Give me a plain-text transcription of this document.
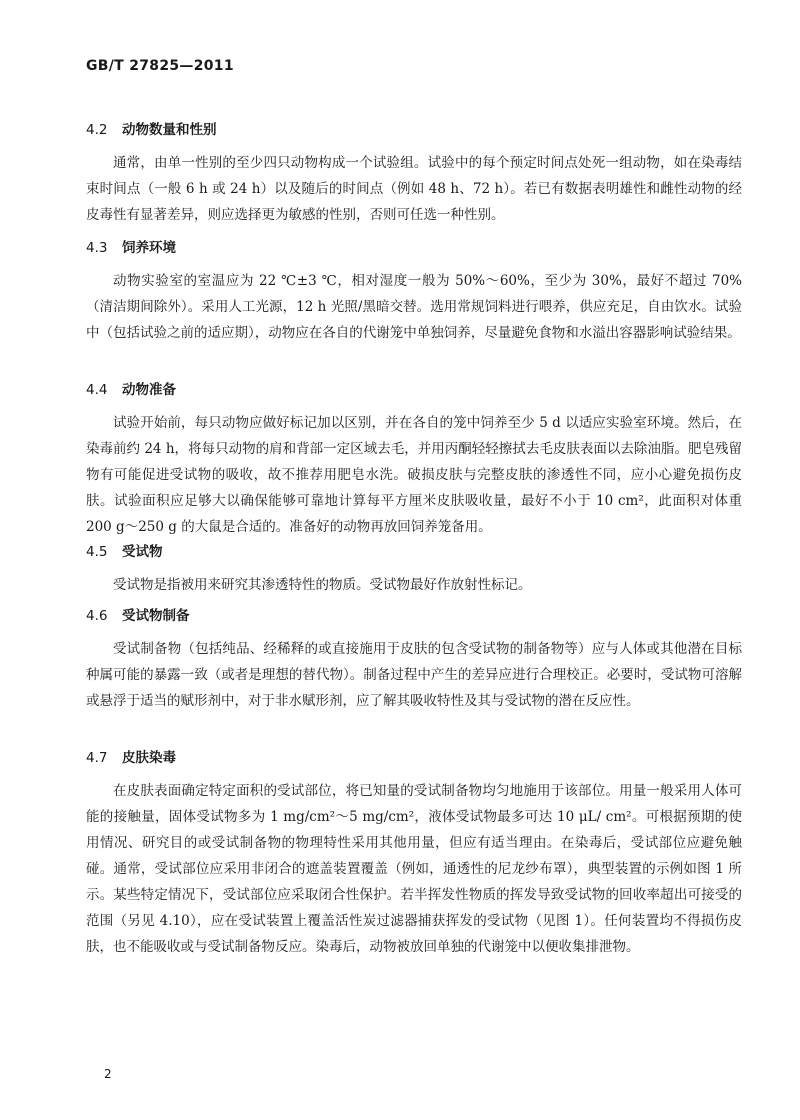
GB/T 27825—2011
4.2 动物数量和性别

通常，由单一性别的至少四只动物构成一个试验组。试验中的每个预定时间点处死一组动物，如在染毒结束时间点（一般 6 h 或 24 h）以及随后的时间点（例如 48 h、72 h）。若已有数据表明雄性和雌性动物的经皮毒性有显著差异，则应选择更为敏感的性别，否则可任选一种性别。

4.3 饲养环境

动物实验室的室温应为 22 ℃±3 ℃，相对湿度一般为 50%～60%，至少为 30%，最好不超过 70%（清洁期间除外）。采用人工光源，12 h 光照/黑暗交替。选用常规饲料进行喂养，供应充足，自由饮水。试验中（包括试验之前的适应期），动物应在各自的代谢笼中单独饲养，尽量避免食物和水溢出容器影响试验结果。

4.4 动物准备

试验开始前，每只动物应做好标记加以区别，并在各自的笼中饲养至少 5 d 以适应实验室环境。然后，在染毒前约 24 h，将每只动物的肩和背部一定区域去毛，并用丙酮轻轻擦拭去毛皮肤表面以去除油脂。肥皂残留物有可能促进受试物的吸收，故不推荐用肥皂水洗。破损皮肤与完整皮肤的渗透性不同，应小心避免损伤皮肤。试验面积应足够大以确保能够可靠地计算每平方厘米皮肤吸收量，最好不小于 10 cm²，此面积对体重 200 g～250 g 的大鼠是合适的。准备好的动物再放回饲养笼备用。

4.5 受试物

受试物是指被用来研究其渗透特性的物质。受试物最好作放射性标记。

4.6 受试物制备

受试制备物（包括纯品、经稀释的或直接施用于皮肤的包含受试物的制备物等）应与人体或其他潜在目标种属可能的暴露一致（或者是理想的替代物）。制备过程中产生的差异应进行合理校正。必要时，受试物可溶解或悬浮于适当的赋形剂中，对于非水赋形剂，应了解其吸收特性及其与受试物的潜在反应性。

4.7 皮肤染毒

在皮肤表面确定特定面积的受试部位，将已知量的受试制备物均匀地施用于该部位。用量一般采用人体可能的接触量，固体受试物多为 1 mg/cm²～5 mg/cm²，液体受试物最多可达 10 μL/ cm²。可根据预期的使用情况、研究目的或受试制备物的物理特性采用其他用量，但应有适当理由。在染毒后，受试部位应避免触碰。通常，受试部位应采用非闭合的遮盖装置覆盖（例如，通透性的尼龙纱布罩），典型装置的示例如图 1 所示。某些特定情况下，受试部位应采取闭合性保护。若半挥发性物质的挥发导致受试物的回收率超出可接受的范围（另见 4.10），应在受试装置上覆盖活性炭过滤器捕获挥发的受试物（见图 1）。任何装置均不得损伤皮肤，也不能吸收或与受试制备物反应。染毒后，动物被放回单独的代谢笼中以便收集排泄物。

2
